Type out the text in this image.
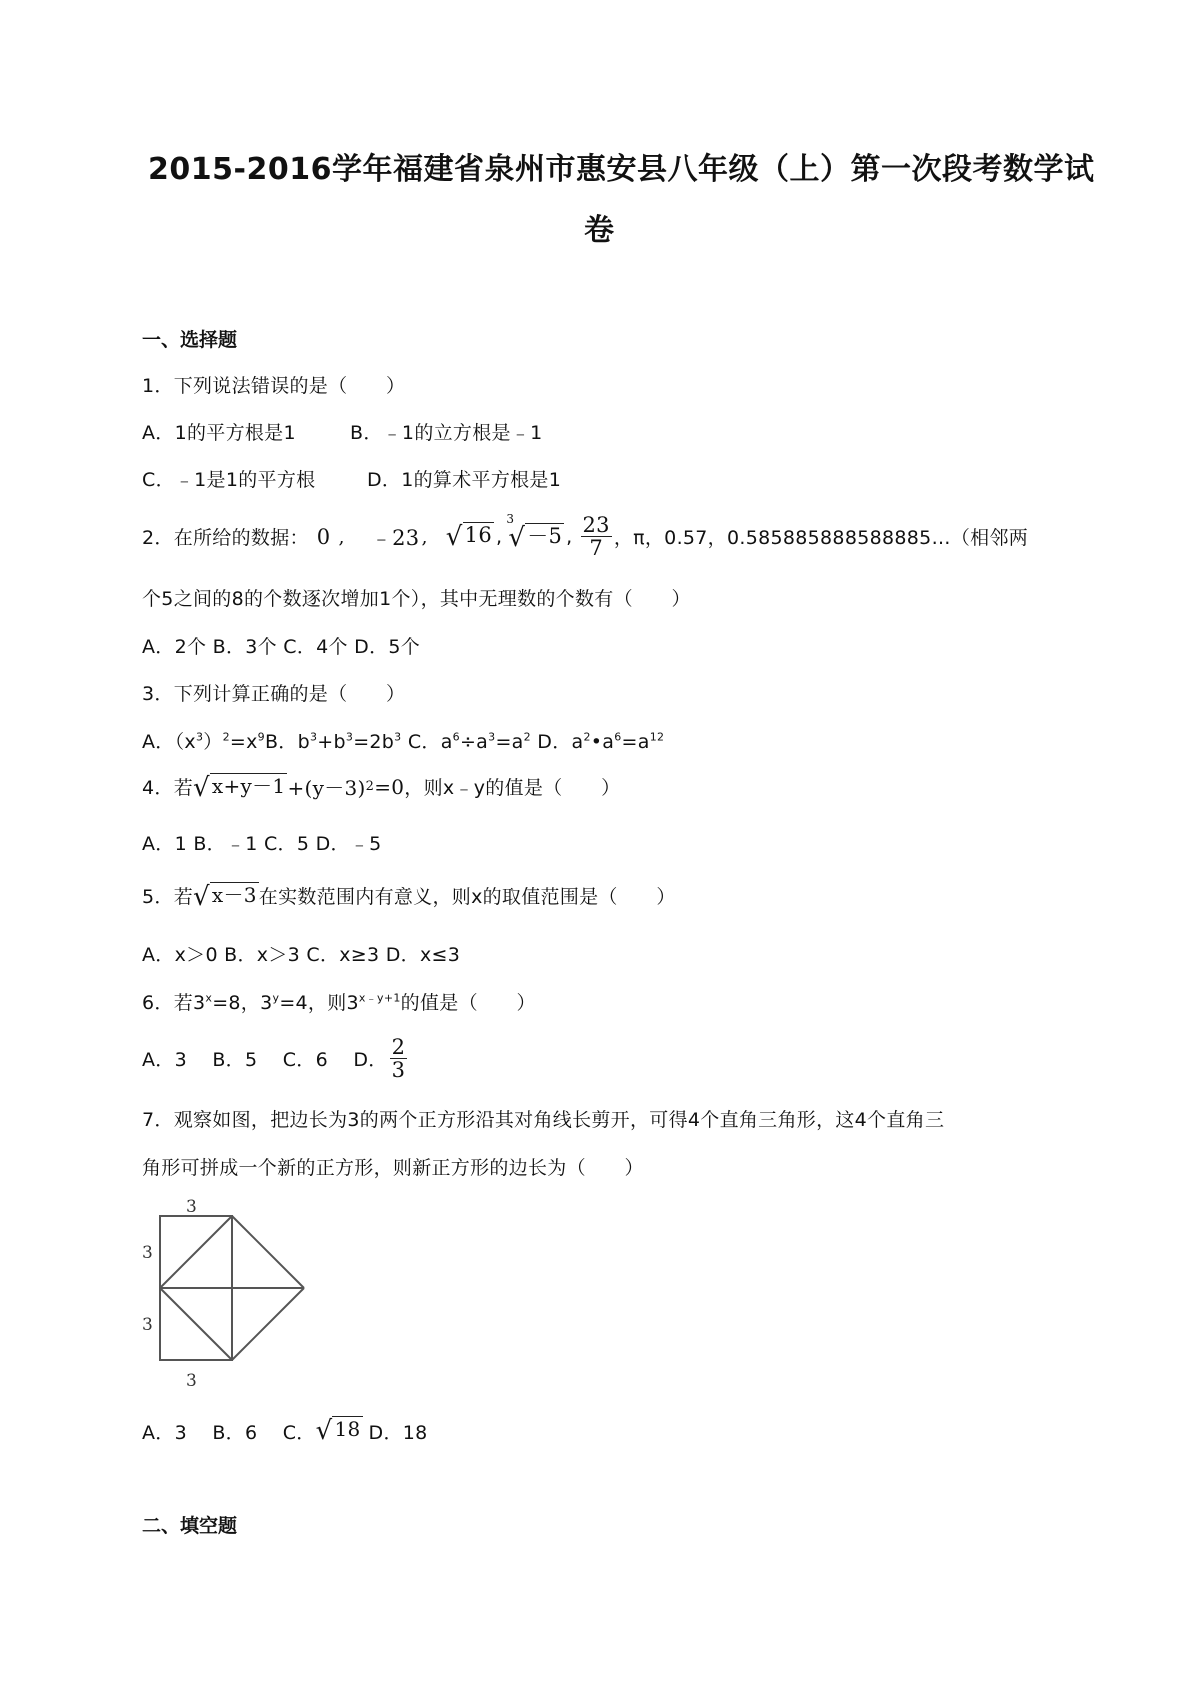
2015-2016学年福建省泉州市惠安县八年级（上）第一次段考数学试
卷
一、选择题
1．下列说法错误的是（　　）
A．1的平方根是1	B．﹣1的立方根是﹣1
C．﹣1是1的平方根	D．1的算术平方根是1
2．在所给的数据： 0 , ﹣23 , √16 ,
3
√－5 , $\frac{23}{7}$ ，π，0.57，0.585885888588885…（相邻两
个5之间的8的个数逐次增加1个），其中无理数的个数有（　　）
A．2个 B．3个 C．4个 D．5个
3．下列计算正确的是（　　）
A．$(x^3)^2=x^9B$．$b^3+b^3=2b^3$ C．$a^6\div a^3=a^2$ D．$a^2•a^6=a^{12}$
4．若 √ x+y－1 +(y－3) 2 =0 ，则x﹣y的值是（　　）
A．1 B．﹣1 C．5 D．﹣5
5．若 √ x－3 在实数范围内有意义，则x的取值范围是（　　）
A．x＞0 B．x＞3 C．x≥3 D．x≤3
6．若$3^x=8$，$3^y=4$，则$3^{x﹣y+1}$的值是（　　）
A．3    B．5    C．6    D． $\frac{2}{3}$
7．观察如图，把边长为3的两个正方形沿其对角线长剪开，可得4个直角三角形，这4个直角三
角形可拼成一个新的正方形，则新正方形的边长为（　　）
3
3
3
3
A．3    B．6    C． √ 18 D．18
二、填空题
